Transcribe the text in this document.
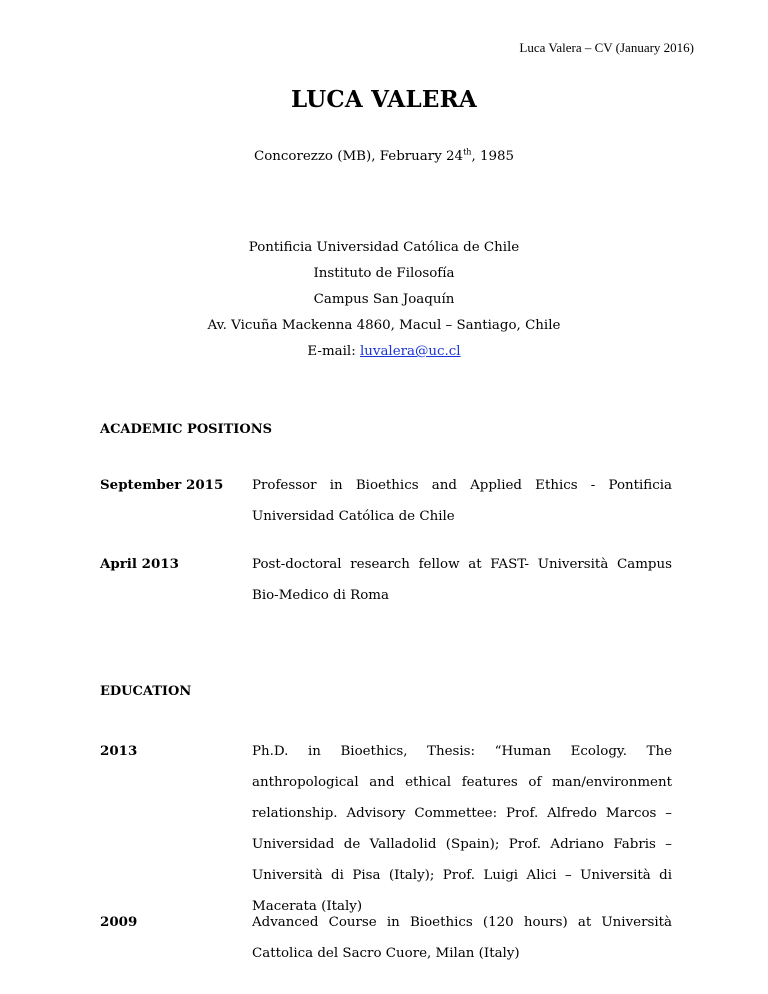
Luca Valera – CV (January 2016)
LUCA VALERA
Concorezzo (MB), February 24th, 1985
Pontificia Universidad Católica de Chile
Instituto de Filosofía
Campus San Joaquín
Av. Vicuña Mackenna 4860, Macul – Santiago, Chile
E-mail: luvalera@uc.cl
ACADEMIC POSITIONS
September 2015 Professor in Bioethics and Applied Ethics - Pontificia Universidad Católica de Chile
April 2013	Post-doctoral research fellow at FAST- Università Campus Bio-Medico di Roma
EDUCATION
2013	Ph.D. in Bioethics, Thesis: “Human Ecology. The anthropological and ethical features of man/environment relationship. Advisory Commettee: Prof. Alfredo Marcos – Universidad de Valladolid (Spain); Prof. Adriano Fabris – Università di Pisa (Italy); Prof. Luigi Alici – Università di Macerata (Italy)
2009	Advanced Course in Bioethics (120 hours) at Università Cattolica del Sacro Cuore, Milan (Italy)
